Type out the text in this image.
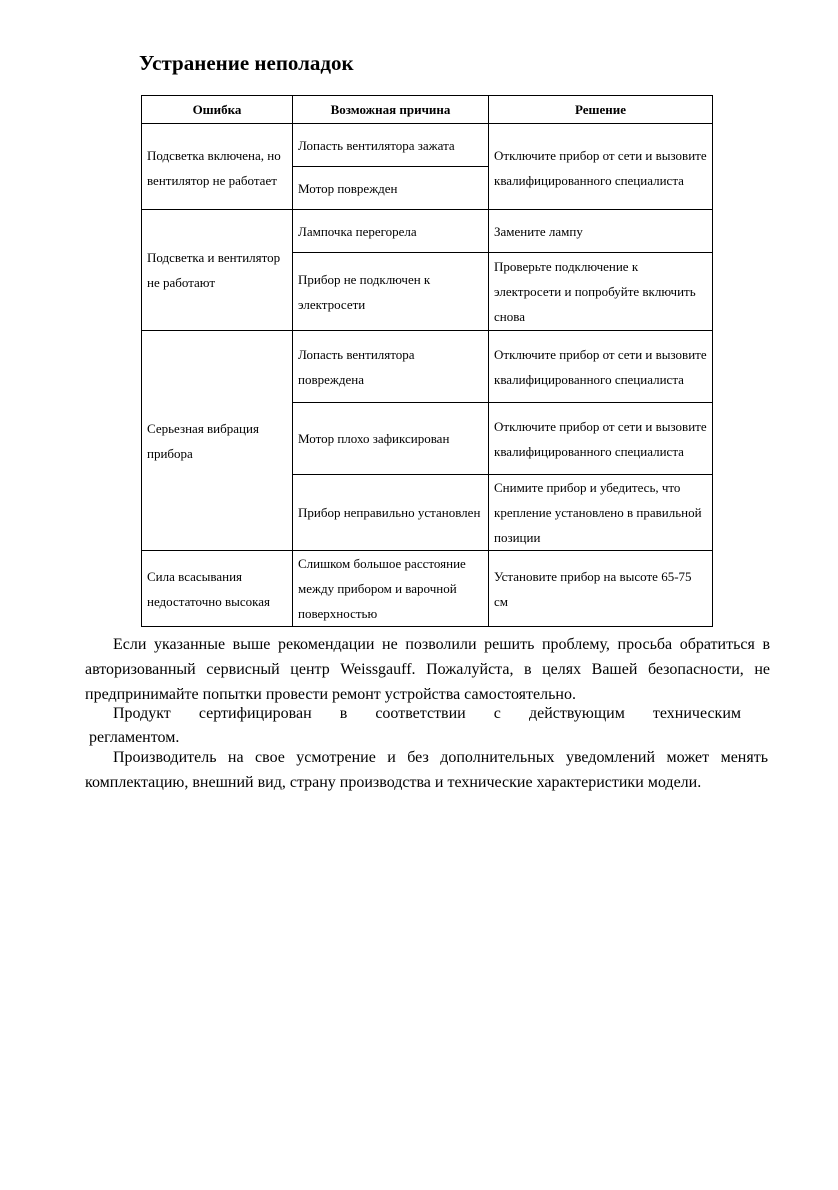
Устранение неполадок
Ошибка	Возможная причина	Решение
Подсветка включена, но вентилятор не работает	Лопасть вентилятора зажата	Отключите прибор от сети и вызовите квалифицированного специалиста
	Мотор поврежден	
Подсветка и вентилятор не работают	Лампочка перегорела	Замените лампу
	Прибор не подключен к электросети	Проверьте подключение к электросети и попробуйте включить снова
Серьезная вибрация прибора	Лопасть вентилятора повреждена	Отключите прибор от сети и вызовите квалифицированного специалиста
	Мотор плохо зафиксирован	Отключите прибор от сети и вызовите квалифицированного специалиста
	Прибор неправильно установлен	Снимите прибор и убедитесь, что крепление установлено в правильной позиции
Сила всасывания недостаточно высокая	Слишком большое расстояние между прибором и варочной поверхностью	Установите прибор на высоте 65-75 см

Если указанные выше рекомендации не позволили решить проблему, просьба обратиться в авторизованный сервисный центр Weissgauff. Пожалуйста, в целях Вашей безопасности, не предпринимайте попытки провести ремонт устройства самостоятельно.

Продукт сертифицирован в соответствии с действующим техническим

регламентом.

Производитель на свое усмотрение и без дополнительных уведомлений может менять комплектацию, внешний вид, страну производства и технические характеристики модели.
